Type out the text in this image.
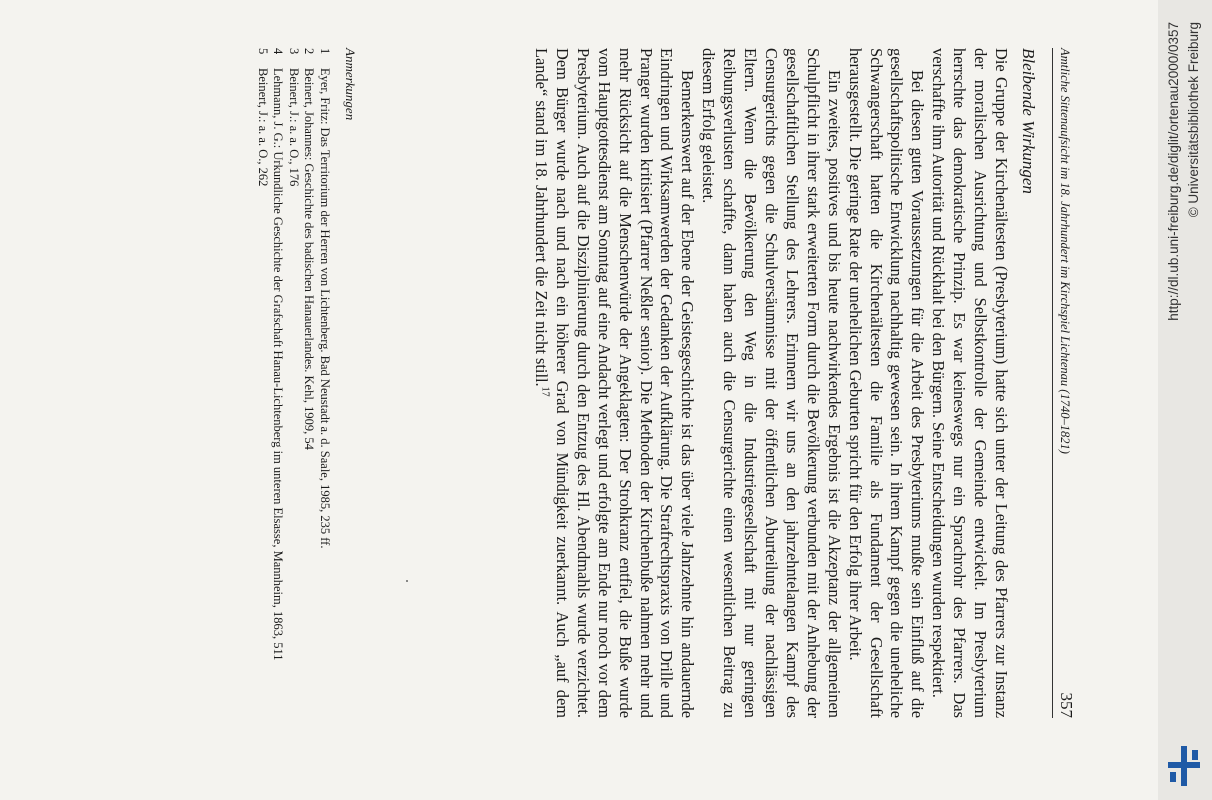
Amtliche Sittenaufsicht im 18. Jahrhundert im Kirchspiel Lichtenau (1740–1821)
357
Bleibende Wirkungen

Die Gruppe der Kirchenältesten (Presbyterium) hatte sich unter der Leitung des Pfarrers zur Instanz der moralischen Ausrichtung und Selbstkontrolle der Gemeinde entwickelt. Im Presbyterium herrschte das demokratische Prinzip. Es war keineswegs nur ein Sprachrohr des Pfarrers. Das verschaffte ihm Autorität und Rückhalt bei den Bürgern. Seine Entscheidungen wurden respektiert.

Bei diesen guten Voraussetzungen für die Arbeit des Presbyteriums mußte sein Einfluß auf die gesellschaftspolitische Entwicklung nachhaltig gewesen sein. In ihrem Kampf gegen die uneheliche Schwangerschaft hatten die Kirchenältesten die Familie als Fundament der Gesellschaft herausgestellt. Die geringe Rate der unehelichen Geburten spricht für den Erfolg ihrer Arbeit.

Ein zweites, positives und bis heute nachwirkendes Ergebnis ist die Akzeptanz der allgemeinen Schulpflicht in ihrer stark erweiterten Form durch die Bevölkerung verbunden mit der Anhebung der gesellschaftlichen Stellung des Lehrers. Erinnern wir uns an den jahrzehntelangen Kampf des Censurgerichts gegen die Schulversäumnisse mit der öffentlichen Aburteilung der nachlässigen Eltern. Wenn die Bevölkerung den Weg in die Industriegesellschaft mit nur geringen Reibungsverlusten schaffte, dann haben auch die Censurgerichte einen wesentlichen Beitrag zu diesem Erfolg geleistet.

Bemerkenswert auf der Ebene der Geistesgeschichte ist das über viele Jahrzehnte hin andauernde Eindringen und Wirksamwerden der Gedanken der Aufklärung. Die Strafrechtspraxis von Drille und Pranger wurden kritisiert (Pfarrer Neßler senior). Die Methoden der Kirchenbuße nahmen mehr und mehr Rücksicht auf die Menschenwürde der Angeklagten: Der Strohkranz entfiel, die Buße wurde vom Hauptgottesdienst am Sonntag auf eine Andacht verlegt und erfolgte am Ende nur noch vor dem Presbyterium. Auch auf die Disziplinierung durch den Entzug des Hl. Abendmahls wurde verzichtet. Dem Bürger wurde nach und nach ein höherer Grad von Mündigkeit zuerkannt. Auch „auf dem Lande“ stand im 18. Jahrhundert die Zeit nicht still.$^{17}$

Anmerkungen
1
Eyer, Fritz: Das Territorium der Herren von Lichtenberg. Bad Neustadt a. d. Saale, 1985, 235 ff.
2
Beinert, Johannes: Geschichte des badischen Hanauerlandes. Kehl, 1909, 54
3
Beinert, J.: a. a. O., 176
4
Lehmann, J. G.: Urkundliche Geschichte der Grafschaft Hanau-Lichtenberg im unteren Elsasse, Mannheim, 1863, 511
5
Beinert, J.: a. a. O., 262	http://dl.ub.uni-freiburg.de/diglit/ortenau2000/0357 © Universitätsbibliothek Freiburg
